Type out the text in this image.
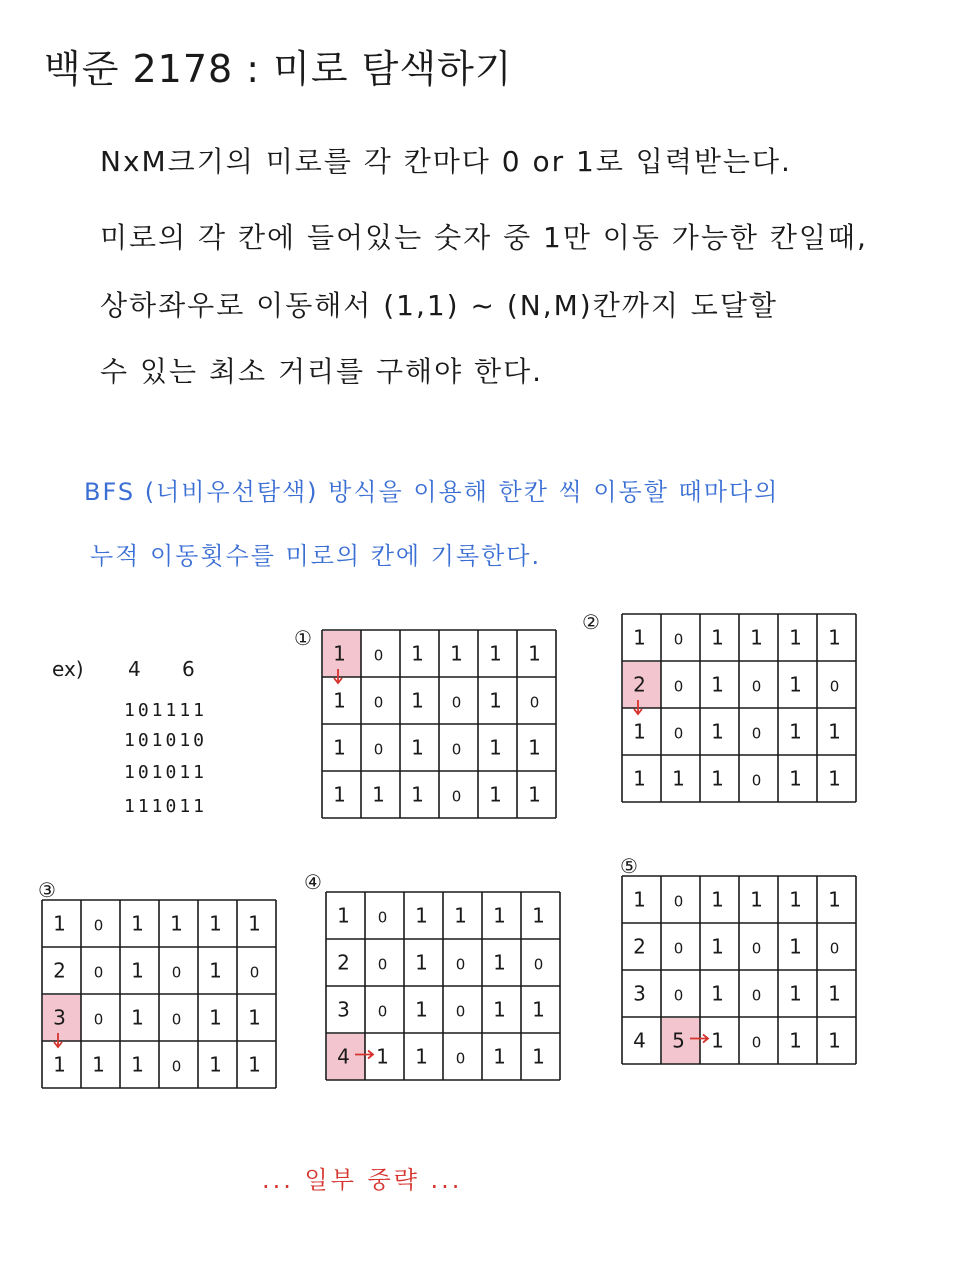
백준 2178 : 미로 탐색하기
NxM크기의 미로를 각 칸마다 0 or 1로 입력받는다.
미로의 각 칸에 들어있는 숫자 중 1만 이동 가능한 칸일때,
상하좌우로 이동해서 (1,1) ~ (N,M)칸까지 도달할
수 있는 최소 거리를 구해야 한다.
BFS (너비우선탐색) 방식을 이용해 한칸 씩 이동할 때마다의
누적 이동횟수를 미로의 칸에 기록한다.
ex) 4 6
101111
101010
101011
111011
①
1 0 1 1 1 1
1 0 1 0 1 0
1 0 1 0 1 1
1 1 1 0 1 1
②
1 0 1 1 1 1
2 0 1 0 1 0
1 0 1 0 1 1
1 1 1 0 1 1
③
1 0 1 1 1 1
2 0 1 0 1 0
3 0 1 0 1 1
1 1 1 0 1 1
④
1 0 1 1 1 1
2 0 1 0 1 0
3 0 1 0 1 1
4 1 1 0 1 1
⑤
1 0 1 1 1 1
2 0 1 0 1 0
3 0 1 0 1 1
4 5 1 0 1 1
... 일부 중략 ...
